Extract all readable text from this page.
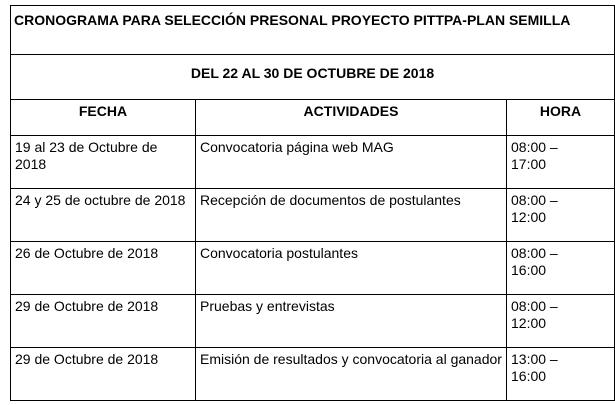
CRONOGRAMA PARA SELECCIÓN PRESONAL PROYECTO PITTPA-PLAN SEMILLA		
DEL 22 AL 30 DE OCTUBRE DE 2018		
FECHA	ACTIVIDADES	HORA
19 al 23 de Octubre de 2018	Convocatoria página web MAG	08:00 – 17:00

24 y 25 de octubre de 2018	Recepción de documentos de postulantes	08:00 – 12:00

26 de Octubre de 2018	Convocatoria postulantes	08:00 – 16:00

29 de Octubre de 2018	Pruebas y entrevistas	08:00 – 12:00

29 de Octubre de 2018	Emisión de resultados y convocatoria al ganador	13:00 – 16:00
